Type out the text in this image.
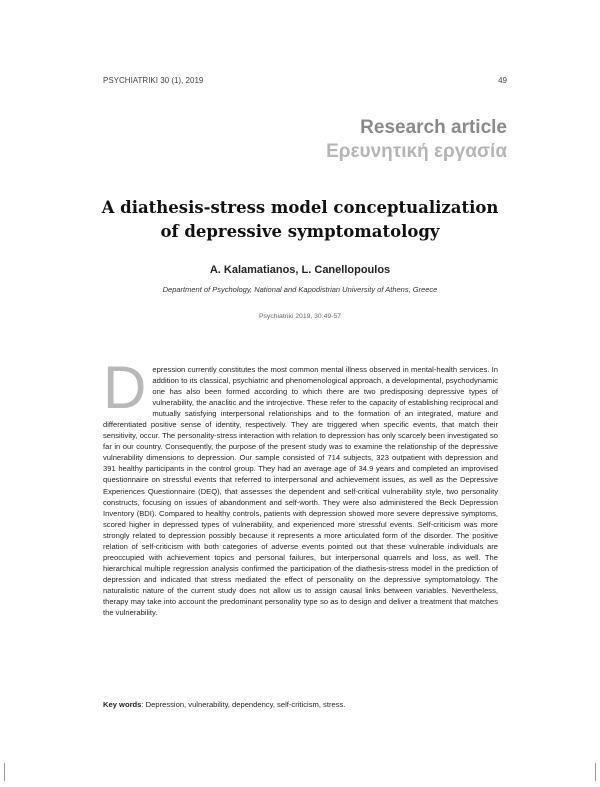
PSYCHIATRIKI 30 (1), 2019	49
Research article
Ερευνητική εργασία
A diathesis-stress model conceptualization
of depressive symptomatology
A. Kalamatianos, L. Canellopoulos
Department of Psychology, National and Kapodistrian University of Athens, Greece
Psychiatriki 2019, 30:49-57
Depression currently constitutes the most common mental illness observed in mental-health services. In addition to its classical, psychiatric and phenomenological approach, a developmental, psychodynamic one has also been formed according to which there are two predisposing depressive types of vulnerability, the anaclitic and the introjective. These refer to the capacity of establishing reciprocal and mutually satisfying interpersonal relationships and to the formation of an integrated, mature and differentiated positive sense of identity, respectively. They are triggered when specific events, that match their sensitivity, occur. The personality-stress interaction with relation to depression has only scarcely been investigated so far in our country. Consequently, the purpose of the present study was to examine the relationship of the depressive vulnerability dimensions to depression. Our sample consisted of 714 subjects, 323 outpatient with depression and 391 healthy participants in the control group. They had an average age of 34.9 years and completed an improvised questionnaire on stressful events that referred to interpersonal and achievement issues, as well as the Depressive Experiences Questionnaire (DEQ), that assesses the dependent and self-critical vulnerability style, two personality constructs, focusing on issues of abandonment and self-worth. They were also administered the Beck Depression Inventory (BDI). Compared to healthy controls, patients with depression showed more severe depressive symptoms, scored higher in depressed types of vulnerability, and experienced more stressful events. Self-criticism was more strongly related to depression possibly because it represents a more articulated form of the disorder. The positive relation of self-criticism with both categories of adverse events pointed out that these vulnerable individuals are preoccupied with achievement topics and personal failures, but interpersonal quarrels and loss, as well. The hierarchical multiple regression analysis confirmed the participation of the diathesis-stress model in the prediction of depression and indicated that stress mediated the effect of personality on the depressive symptomatology. The naturalistic nature of the current study does not allow us to assign causal links between variables. Nevertheless, therapy may take into account the predominant personality type so as to design and deliver a treatment that matches the vulnerability.
Key words: Depression, vulnerability, dependency, self-criticism, stress.
